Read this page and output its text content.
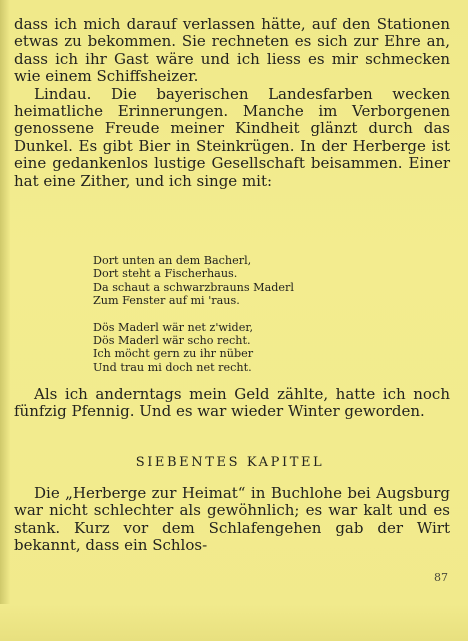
dass ich mich darauf verlassen hätte, auf den Stationen etwas zu bekommen. Sie rechneten es sich zur Ehre an, dass ich ihr Gast wäre und ich liess es mir schmecken wie einem Schiffsheizer.

Lindau. Die bayerischen Landesfarben wecken heimatliche Erinnerungen. Manche im Verborgenen genossene Freude meiner Kindheit glänzt durch das Dunkel. Es gibt Bier in Steinkrügen. In der Herberge ist eine gedankenlos lustige Gesellschaft beisammen. Einer hat eine Zither, und ich singe mit:

Dort unten an dem Bacherl,
Dort steht a Fischerhaus.
Da schaut a schwarzbrauns Maderl
Zum Fenster auf mi 'raus.
Dös Maderl wär net z'wider,
Dös Maderl wär scho recht.
Ich möcht gern zu ihr nüber
Und trau mi doch net recht.

Als ich anderntags mein Geld zählte, hatte ich noch fünfzig Pfennig. Und es war wieder Winter geworden.

SIEBENTES KAPITEL

Die „Herberge zur Heimat“ in Buchlohe bei Augsburg war nicht schlechter als gewöhnlich; es war kalt und es stank. Kurz vor dem Schlafengehen gab der Wirt bekannt, dass ein Schlos-

87
